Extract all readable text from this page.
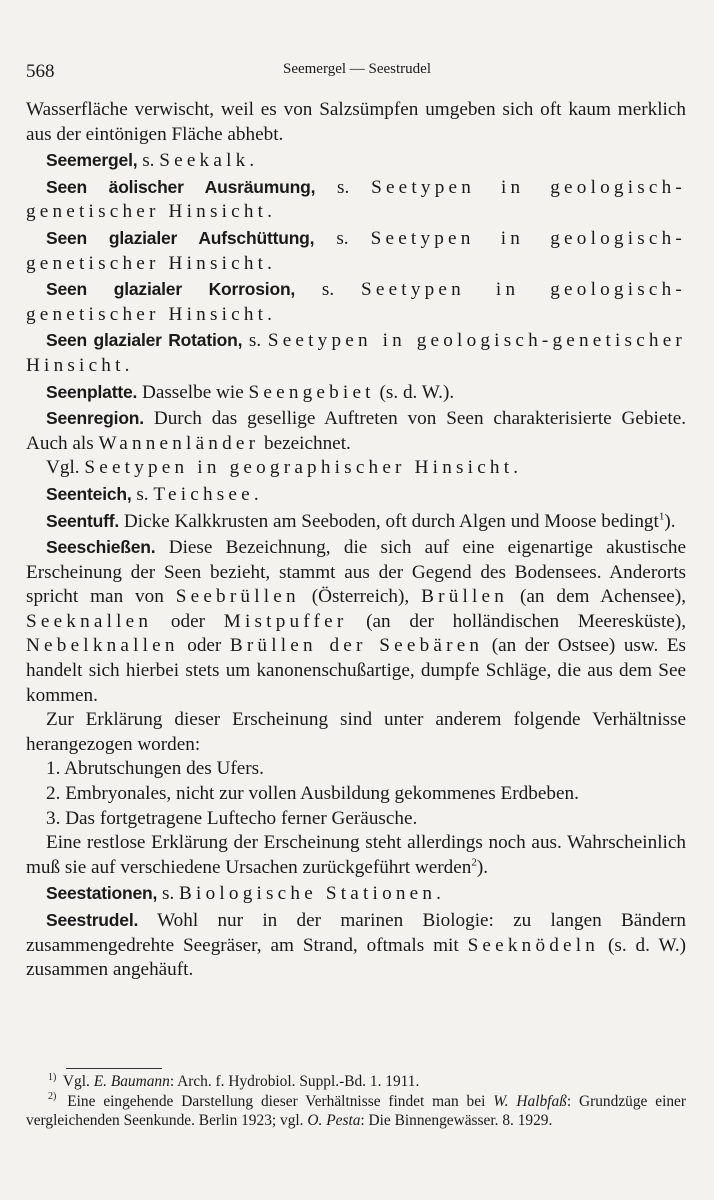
568	Seemergel — Seestrudel

Wasserfläche verwischt, weil es von Salzsümpfen umgeben sich oft kaum merklich aus der eintönigen Fläche abhebt.

Seemergel, s. Seekalk.

Seen äolischer Ausräumung, s. Seetypen in geologisch-genetischer Hinsicht.

Seen glazialer Aufschüttung, s. Seetypen in geologisch-genetischer Hinsicht.

Seen glazialer Korrosion, s. Seetypen in geologisch-genetischer Hinsicht.

Seen glazialer Rotation, s. Seetypen in geologisch-genetischer Hinsicht.

Seenplatte. Dasselbe wie Seengebiet (s. d. W.).

Seenregion. Durch das gesellige Auftreten von Seen charakterisierte Gebiete. Auch als Wannenländer bezeichnet.

Vgl. Seetypen in geographischer Hinsicht.

Seenteich, s. Teichsee.

Seentuff. Dicke Kalkkrusten am Seeboden, oft durch Algen und Moose bedingt$^1$).

Seeschießen. Diese Bezeichnung, die sich auf eine eigenartige akustische Erscheinung der Seen bezieht, stammt aus der Gegend des Bodensees. Anderorts spricht man von Seebrüllen (Österreich), Brüllen (an dem Achensee), Seeknallen oder Mistpuffer (an der holländischen Meeresküste), Nebelknallen oder Brüllen der Seebären (an der Ostsee) usw. Es handelt sich hierbei stets um kanonenschußartige, dumpfe Schläge, die aus dem See kommen.

Zur Erklärung dieser Erscheinung sind unter anderem folgende Verhältnisse herangezogen worden:

1. Abrutschungen des Ufers.

2. Embryonales, nicht zur vollen Ausbildung gekommenes Erdbeben.

3. Das fortgetragene Luftecho ferner Geräusche.

Eine restlose Erklärung der Erscheinung steht allerdings noch aus. Wahrscheinlich muß sie auf verschiedene Ursachen zurückgeführt werden$^2$).

Seestationen, s. Biologische Stationen.

Seestrudel. Wohl nur in der marinen Biologie: zu langen Bändern zusammengedrehte Seegräser, am Strand, oftmals mit Seeknödeln (s. d. W.) zusammen angehäuft.

$^{1)}$ Vgl. E. Baumann: Arch. f. Hydrobiol. Suppl.-Bd. 1. 1911.

$^{2)}$ Eine eingehende Darstellung dieser Verhältnisse findet man bei W. Halbfaß: Grundzüge einer vergleichenden Seenkunde. Berlin 1923; vgl. O. Pesta: Die Binnengewässer. 8. 1929.
